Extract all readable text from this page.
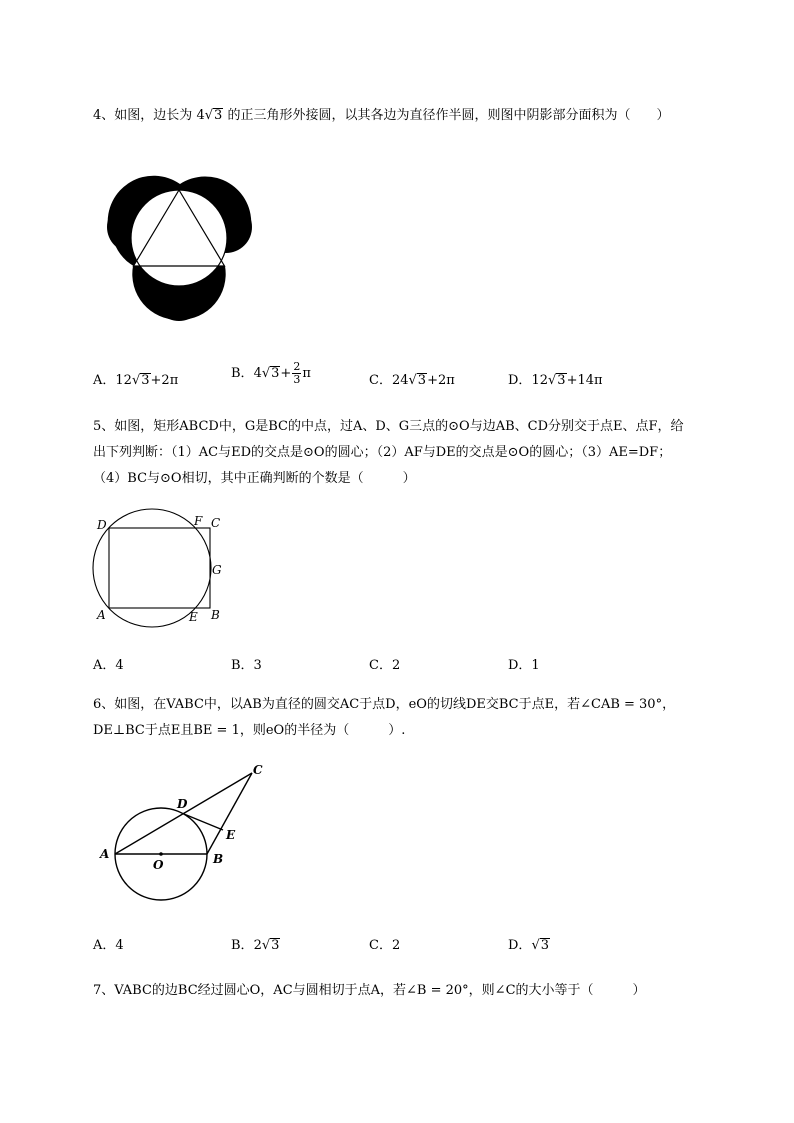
4、如图，边长为 4√3 的正三角形外接圆，以其各边为直径作半圆，则图中阴影部分面积为（　　）
A．12√3+2π	B．$4√3+ \frac{2}{3}$ π	C．24√3+2π	D．12√3+14π
5、如图，矩形ABCD中，G是BC的中点，过A、D、G三点的⊙O与边AB、CD分别交于点E、点F，给
出下列判断：（1）AC与ED的交点是⊙O的圆心；（2）AF与DE的交点是⊙O的圆心；（3）AE=DF；
（4）BC与⊙O相切，其中正确判断的个数是（　　　）
D	F C
G
A	E B
A．4	B．3	C．2	D．1
6、如图，在VABC中，以AB为直径的圆交AC于点D，eO的切线DE交BC于点E，若∠CAB = 30°，
DE⊥BC于点E且BE = 1，则eO的半径为（　　　）.
A
O	B
C
D
E
A．4	B．2√3	C．2	D．√3
7、VABC的边BC经过圆心O，AC与圆相切于点A，若∠B = 20°，则∠C的大小等于（　　　）
